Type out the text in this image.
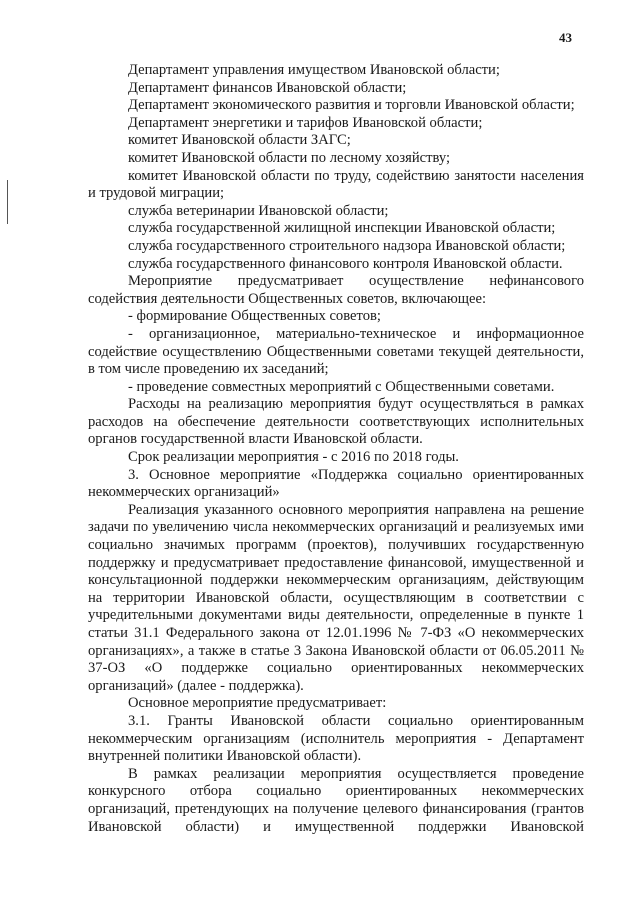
43

Департамент управления имуществом Ивановской области;

Департамент финансов Ивановской области;

Департамент экономического развития и торговли Ивановской области;

Департамент энергетики и тарифов Ивановской области;

комитет Ивановской области ЗАГС;

комитет Ивановской области по лесному хозяйству;

комитет Ивановской области по труду, содействию занятости населения и трудовой миграции;

служба ветеринарии Ивановской области;

служба государственной жилищной инспекции Ивановской области;

служба государственного строительного надзора Ивановской области;

служба государственного финансового контроля Ивановской области.

Мероприятие предусматривает осуществление нефинансового содействия деятельности Общественных советов, включающее:

- формирование Общественных советов;

- организационное, материально-техническое и информационное содействие осуществлению Общественными советами текущей деятельности, в том числе проведению их заседаний;

- проведение совместных мероприятий с Общественными советами.

Расходы на реализацию мероприятия будут осуществляться в рамках расходов на обеспечение деятельности соответствующих исполнительных органов государственной власти Ивановской области.

Срок реализации мероприятия - с 2016 по 2018 годы.

3. Основное мероприятие «Поддержка социально ориентированных некоммерческих организаций»

Реализация указанного основного мероприятия направлена на решение задачи по увеличению числа некоммерческих организаций и реализуемых ими социально значимых программ (проектов), получивших государственную поддержку и предусматривает предоставление финансовой, имущественной и консультационной поддержки некоммерческим организациям, действующим на территории Ивановской области, осуществляющим в соответствии с учредительными документами виды деятельности, определенные в пункте 1 статьи 31.1 Федерального закона от 12.01.1996 № 7-ФЗ «О некоммерческих организациях», а также в статье 3 Закона Ивановской области от 06.05.2011 № 37-ОЗ «О поддержке социально ориентированных некоммерческих организаций» (далее - поддержка).

Основное мероприятие предусматривает:

3.1. Гранты Ивановской области социально ориентированным некоммерческим организациям (исполнитель мероприятия - Департамент внутренней политики Ивановской области).

В рамках реализации мероприятия осуществляется проведение конкурсного отбора социально ориентированных некоммерческих организаций, претендующих на получение целевого финансирования (грантов Ивановской области) и имущественной поддержки Ивановской
